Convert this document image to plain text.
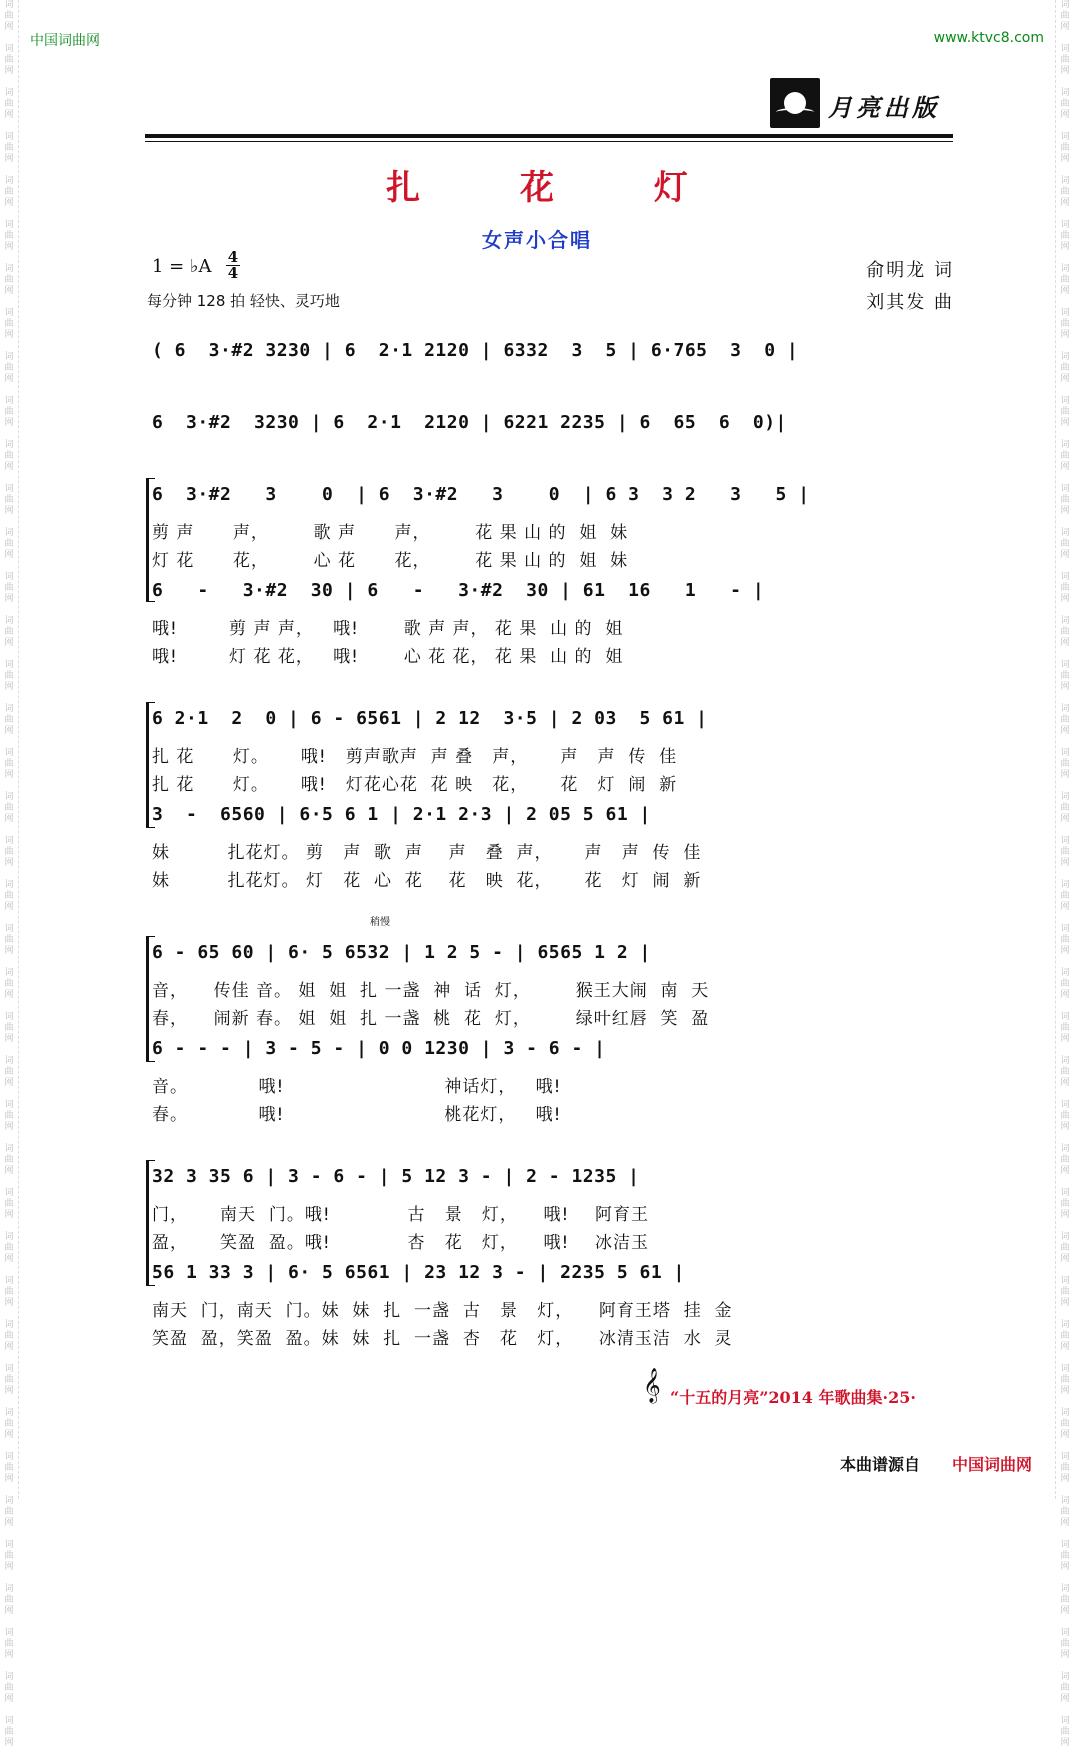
中国词曲网	www.ktvc8.com
词
曲
网

词
曲
网

词
曲
网

词
曲
网

词
曲
网

词
曲
网

词
曲
网

词
曲
网

词
曲
网

词
曲
网

词
曲
网

词
曲
网

词
曲
网

词
曲
网

词
曲
网

词
曲
网

词
曲
网

词
曲
网

词
曲
网

词
曲
网

词
曲
网

词
曲
网

词
曲
网

词
曲
网

词
曲
网

词
曲
网

词
曲
网

词
曲
网

词
曲
网

词
曲
网

词
曲
网

词
曲
网

词
曲
网

词
曲
网

词
曲
网

词
曲
网

词
曲
网

词
曲
网

词
曲
网

词
曲
网

词
曲
网

词
曲
网

词
曲
网

词
曲
网

词
曲
网

词
曲
网

词
曲
网

词
曲
网

词
曲
网

词
曲
网

词
曲
网

词
曲
网

词
曲
网

词
曲
网

词
曲
网

词
曲
网

词
曲
网

词
曲
网

词
曲
网

词
曲
网

词
曲
网

词
曲
网

词
曲
网

词
曲
网

词
曲
网

词
曲
网

词
曲
网

词
曲
网

词
曲
网

词
曲
网

词
曲
网

词
曲
网

词
曲
网

词
曲
网

词
曲
网

词
曲
网

词
曲
网

词
曲
网

词
曲
网

词
曲
网

月亮出版
扎 花 灯
女声小合唱
1 = ♭A 4
4
每分钟 128 拍 轻快、灵巧地
俞明龙 词
刘其发 曲
稍慢
( 6  3·#2 3230 | 6  2·1 2120 | 6332  3  5 | 6·765  3  0 |
6  3·#2  3230 | 6  2·1  2120 | 6221 2235 | 6  65  6  0)|
6  3·#2   3    0  | 6  3·#2   3    0  | 6 3  3 2   3   5 |
剪 声      声，       歌 声      声，       花 果 山 的  姐  妹
灯 花      花，       心 花      花，       花 果 山 的  姐  妹
6   -   3·#2  30 | 6   -   3·#2  30 | 61  16   1   - |
哦!        剪 声 声，   哦!       歌 声 声， 花 果  山 的  姐
哦!        灯 花 花，   哦!       心 花 花， 花 果  山 的  姐
6 2·1  2  0 | 6 - 6561 | 2 12  3·5 | 2 03  5 61 |
扎 花      灯。     哦!   剪声歌声  声 叠   声，     声   声  传  佳
扎 花      灯。     哦!   灯花心花  花 映   花，     花   灯  闹  新
3  -  6560 | 6·5 6 1 | 2·1 2·3 | 2 05 5 61 |
妹         扎花灯。 剪   声  歌  声    声   叠  声，     声   声  传  佳
妹         扎花灯。 灯   花  心  花    花   映  花，     花   灯  闹  新
6 - 65 60 | 6· 5 6532 | 1 2 5 - | 6565 1 2 |
音，    传佳 音。 姐  姐  扎 一盏  神  话  灯，       猴王大闹  南  天
春，    闹新 春。 姐  姐  扎 一盏  桃  花  灯，       绿叶红唇  笑  盈
6 - - - | 3 - 5 - | 0 0 1230 | 3 - 6 - |
音。           哦!                         神话灯，   哦!
春。           哦!                         桃花灯，   哦!
32 3 35 6 | 3 - 6 - | 5 12 3 - | 2 - 1235 |
门，     南天  门。哦!            古   景   灯，    哦!    阿育王
盈，     笑盈  盈。哦!            杏   花   灯，    哦!    冰洁玉
56 1 33 3 | 6· 5 6561 | 23 12 3 - | 2235 5 61 |
南天  门，南天  门。妹  妹  扎  一盏  古   景   灯，    阿育王塔  挂  金
笑盈  盈，笑盈  盈。妹  妹  扎  一盏  杏   花   灯，    冰清玉洁  水  灵
𝄞 “十五的月亮”2014 年歌曲集·25·
本曲谱源自 中国词曲网
